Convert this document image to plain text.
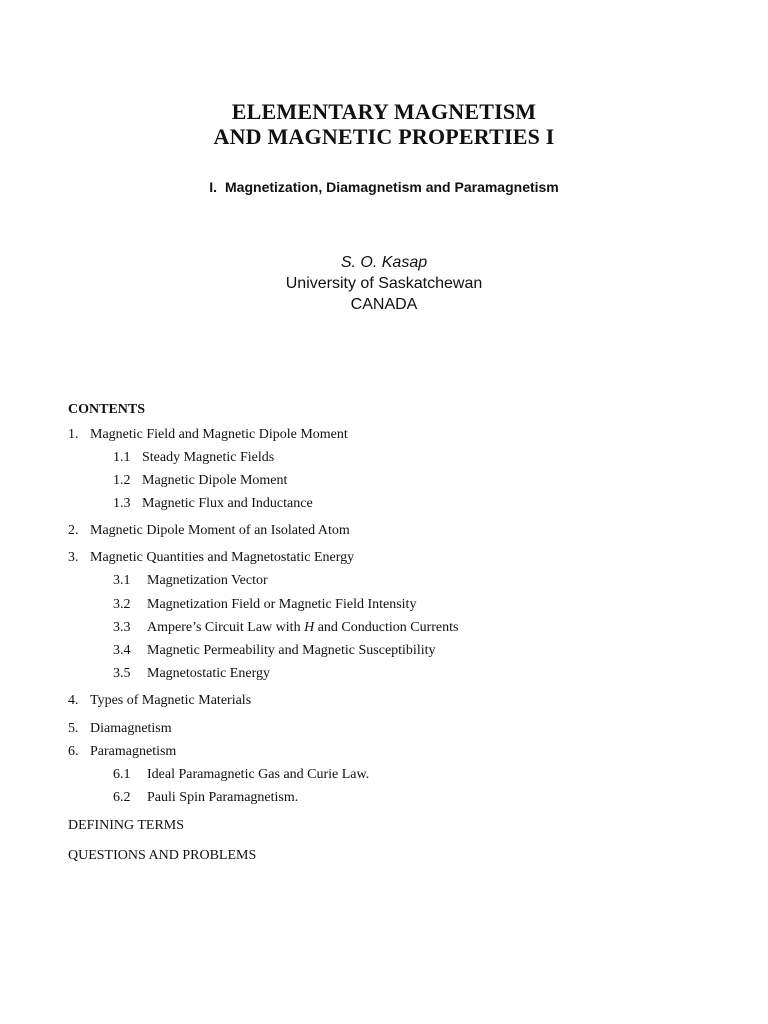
ELEMENTARY MAGNETISM
AND MAGNETIC PROPERTIES I
I. Magnetization, Diamagnetism and Paramagnetism
S. O. Kasap
University of Saskatchewan
CANADA
CONTENTS
1. Magnetic Field and Magnetic Dipole Moment
1.1 Steady Magnetic Fields
1.2 Magnetic Dipole Moment
1.3 Magnetic Flux and Inductance
2. Magnetic Dipole Moment of an Isolated Atom
3. Magnetic Quantities and Magnetostatic Energy
3.1 Magnetization Vector
3.2 Magnetization Field or Magnetic Field Intensity
3.3 Ampere’s Circuit Law with H and Conduction Currents
3.4 Magnetic Permeability and Magnetic Susceptibility
3.5 Magnetostatic Energy
4. Types of Magnetic Materials
5. Diamagnetism
6. Paramagnetism
6.1 Ideal Paramagnetic Gas and Curie Law.
6.2 Pauli Spin Paramagnetism.
DEFINING TERMS
QUESTIONS AND PROBLEMS
